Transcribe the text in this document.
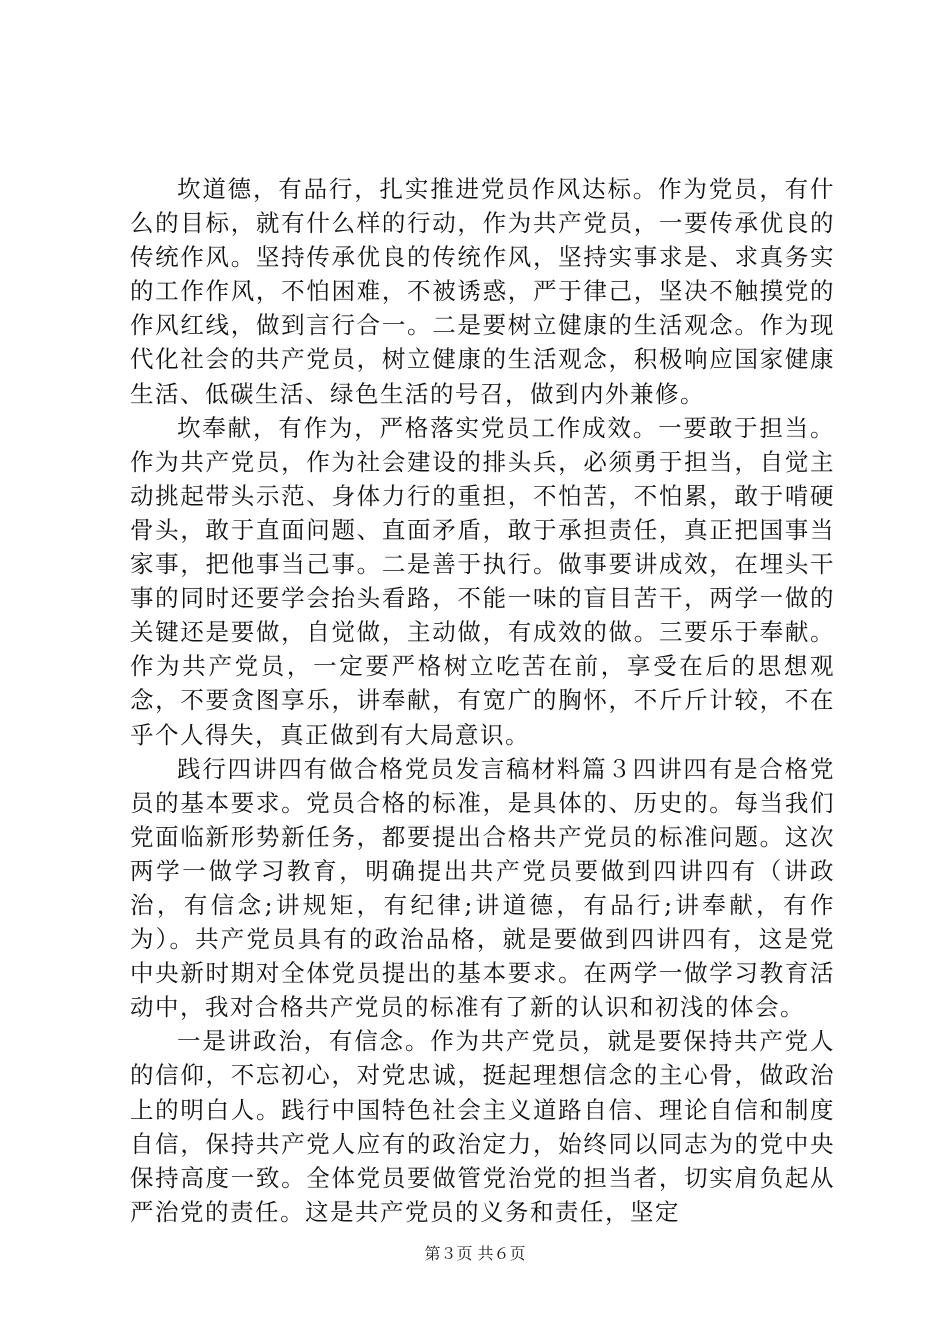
坎道德，有品行，扎实推进党员作风达标。作为党员，有什么的目标，就有什么样的行动，作为共产党员，一要传承优良的传统作风。坚持传承优良的传统作风，坚持实事求是、求真务实的工作作风，不怕困难，不被诱惑，严于律己，坚决不触摸党的作风红线，做到言行合一。二是要树立健康的生活观念。作为现代化社会的共产党员，树立健康的生活观念，积极响应国家健康生活、低碳生活、绿色生活的号召，做到内外兼修。

坎奉献，有作为，严格落实党员工作成效。一要敢于担当。作为共产党员，作为社会建设的排头兵，必须勇于担当，自觉主动挑起带头示范、身体力行的重担，不怕苦，不怕累，敢于啃硬骨头，敢于直面问题、直面矛盾，敢于承担责任，真正把国事当家事，把他事当己事。二是善于执行。做事要讲成效，在埋头干事的同时还要学会抬头看路，不能一味的盲目苦干，两学一做的关键还是要做，自觉做，主动做，有成效的做。三要乐于奉献。作为共产党员，一定要严格树立吃苦在前，享受在后的思想观念，不要贪图享乐，讲奉献，有宽广的胸怀，不斤斤计较，不在乎个人得失，真正做到有大局意识。

践行四讲四有做合格党员发言稿材料篇３四讲四有是合格党员的基本要求。党员合格的标准，是具体的、历史的。每当我们党面临新形势新任务，都要提出合格共产党员的标准问题。这次两学一做学习教育，明确提出共产党员要做到四讲四有（讲政治，有信念;讲规矩，有纪律;讲道德，有品行;讲奉献，有作为）。共产党员具有的政治品格，就是要做到四讲四有，这是党中央新时期对全体党员提出的基本要求。在两学一做学习教育活动中，我对合格共产党员的标准有了新的认识和初浅的体会。

一是讲政治，有信念。作为共产党员，就是要保持共产党人的信仰，不忘初心，对党忠诚，挺起理想信念的主心骨，做政治上的明白人。践行中国特色社会主义道路自信、理论自信和制度自信，保持共产党人应有的政治定力，始终同以同志为的党中央保持高度一致。全体党员要做管党治党的担当者，切实肩负起从严治党的责任。这是共产党员的义务和责任，坚定

第３页 共６页
